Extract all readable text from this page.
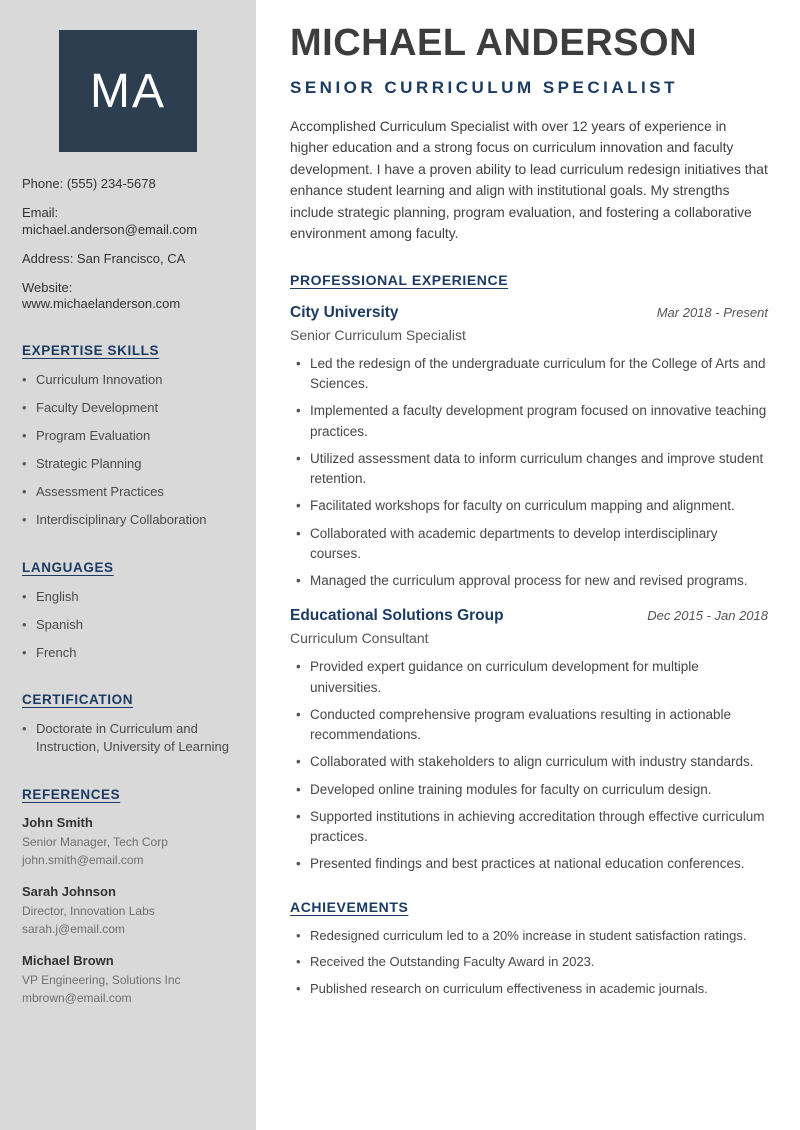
MA
Phone: (555) 234-5678
Email: michael.anderson@email.com
Address: San Francisco, CA
Website: www.michaelanderson.com
EXPERTISE SKILLS
• Curriculum Innovation
• Faculty Development
• Program Evaluation
• Strategic Planning
• Assessment Practices
• Interdisciplinary Collaboration
LANGUAGES
• English
• Spanish
• French
CERTIFICATION
• Doctorate in Curriculum and Instruction, University of Learning
REFERENCES
John Smith
Senior Manager, Tech Corp
john.smith@email.com
Sarah Johnson
Director, Innovation Labs
sarah.j@email.com
Michael Brown
VP Engineering, Solutions Inc
mbrown@email.com
MICHAEL ANDERSON
SENIOR CURRICULUM SPECIALIST

Accomplished Curriculum Specialist with over 12 years of experience in higher education and a strong focus on curriculum innovation and faculty development. I have a proven ability to lead curriculum redesign initiatives that enhance student learning and align with institutional goals. My strengths include strategic planning, program evaluation, and fostering a collaborative environment among faculty.

PROFESSIONAL EXPERIENCE
City University	Mar 2018 - Present
Senior Curriculum Specialist
• Led the redesign of the undergraduate curriculum for the College of Arts and Sciences.
• Implemented a faculty development program focused on innovative teaching practices.
• Utilized assessment data to inform curriculum changes and improve student retention.
• Facilitated workshops for faculty on curriculum mapping and alignment.
• Collaborated with academic departments to develop interdisciplinary courses.
• Managed the curriculum approval process for new and revised programs.
Educational Solutions Group	Dec 2015 - Jan 2018
Curriculum Consultant
• Provided expert guidance on curriculum development for multiple universities.
• Conducted comprehensive program evaluations resulting in actionable recommendations.
• Collaborated with stakeholders to align curriculum with industry standards.
• Developed online training modules for faculty on curriculum design.
• Supported institutions in achieving accreditation through effective curriculum practices.
• Presented findings and best practices at national education conferences.
ACHIEVEMENTS
• Redesigned curriculum led to a 20% increase in student satisfaction ratings.
• Received the Outstanding Faculty Award in 2023.
• Published research on curriculum effectiveness in academic journals.
